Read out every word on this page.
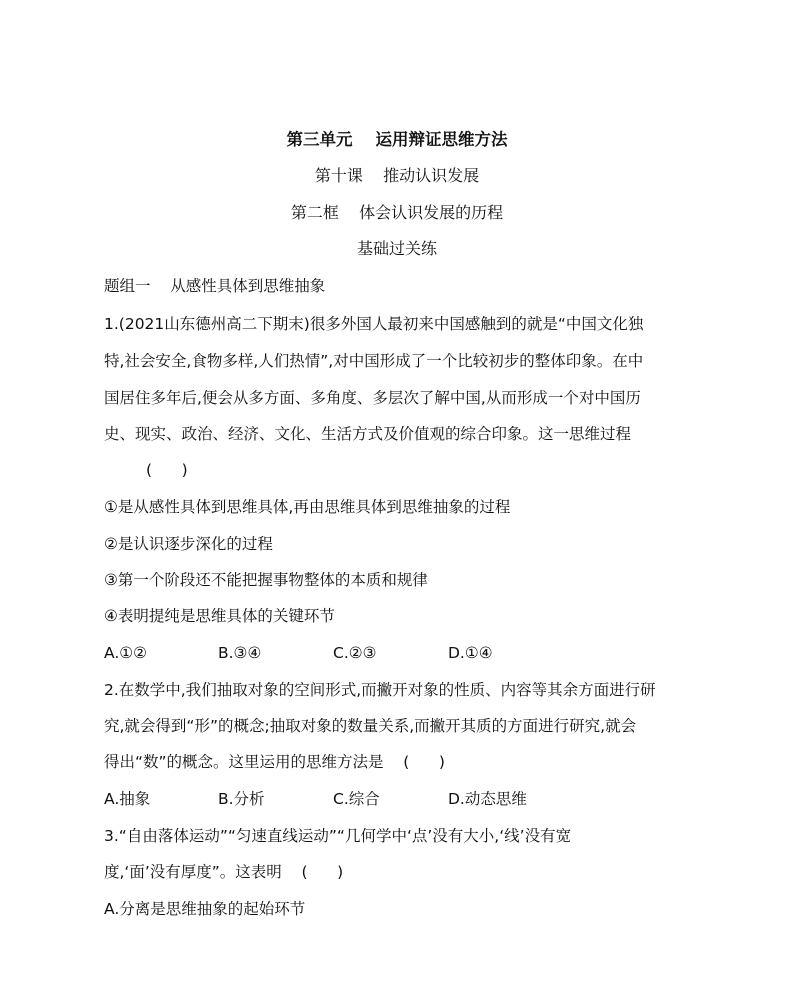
第三单元    运用辩证思维方法
第十课    推动认识发展
第二框    体会认识发展的历程
基础过关练
题组一    从感性具体到思维抽象
1.(2021山东德州高二下期末)很多外国人最初来中国感触到的就是“中国文化独
特,社会安全,食物多样,人们热情”,对中国形成了一个比较初步的整体印象。在中
国居住多年后,便会从多方面、多角度、多层次了解中国,从而形成一个对中国历
史、现实、政治、经济、文化、生活方式及价值观的综合印象。这一思维过程
(      )
①是从感性具体到思维具体,再由思维具体到思维抽象的过程
②是认识逐步深化的过程
③第一个阶段还不能把握事物整体的本质和规律
④表明提纯是思维具体的关键环节
A.①②	B.③④	C.②③	D.①④
2.在数学中,我们抽取对象的空间形式,而撇开对象的性质、内容等其余方面进行研
究,就会得到“形”的概念;抽取对象的数量关系,而撇开其质的方面进行研究,就会
得出“数”的概念。这里运用的思维方法是    (      )
A.抽象	B.分析	C.综合	D.动态思维
3.“自由落体运动”“匀速直线运动”“几何学中‘点’没有大小,‘线’没有宽
度,‘面’没有厚度”。这表明    (      )
A.分离是思维抽象的起始环节
